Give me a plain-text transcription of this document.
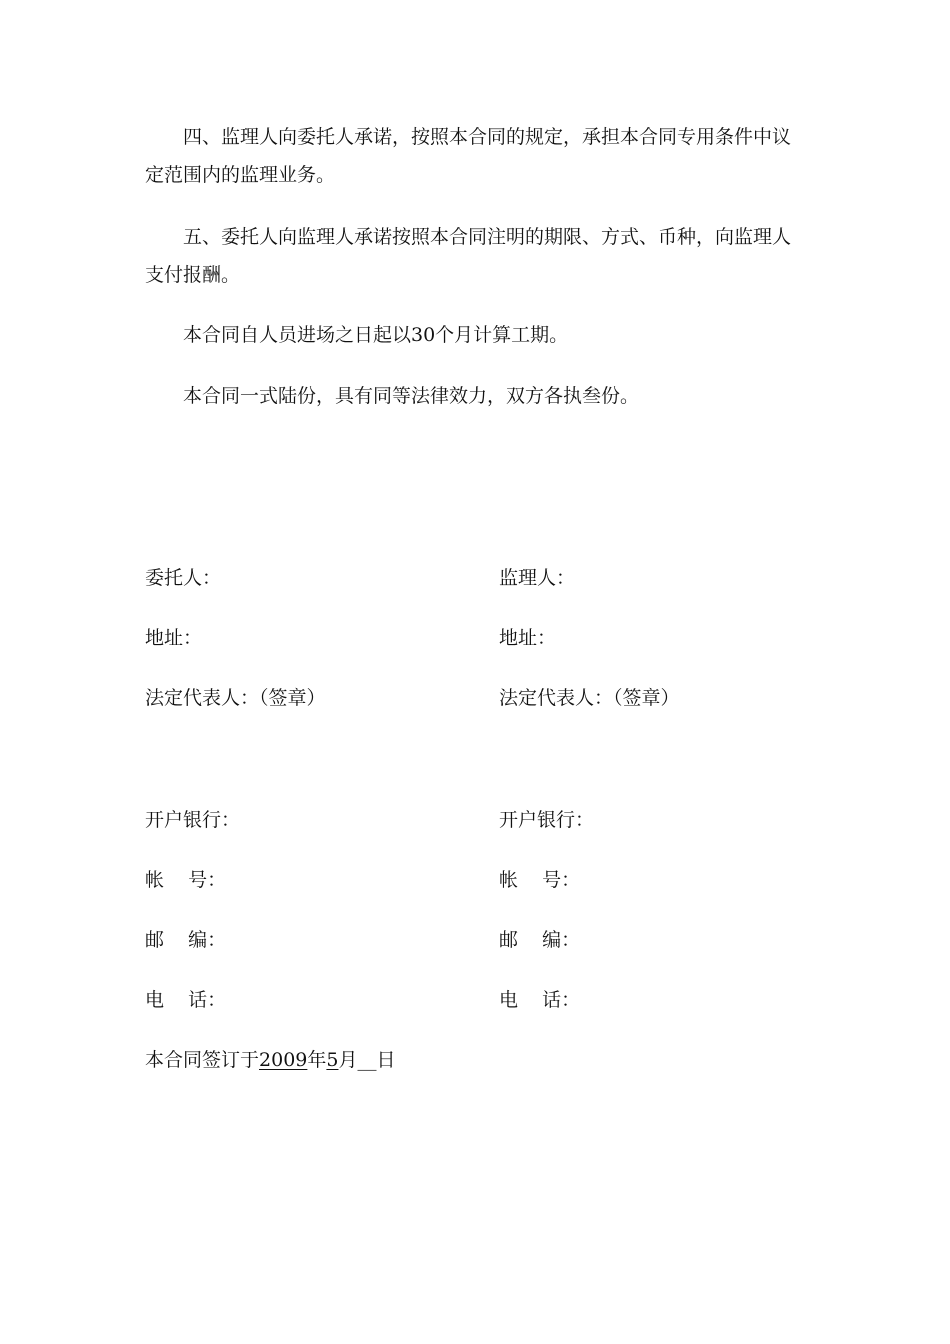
四、监理人向委托人承诺，按照本合同的规定，承担本合同专用条件中议定范围内的监理业务。

五、委托人向监理人承诺按照本合同注明的期限、方式、币种，向监理人支付报酬。

本合同自人员进场之日起以30个月计算工期。

本合同一式陆份，具有同等法律效力，双方各执叁份。

委托人：
地址：
法定代表人：（签章）
开户银行：
帐    号：
邮    编：
电    话：
监理人：
地址：
法定代表人：（签章）
开户银行：
帐    号：
邮    编：
电    话：
本合同签订于2009年5月__日
